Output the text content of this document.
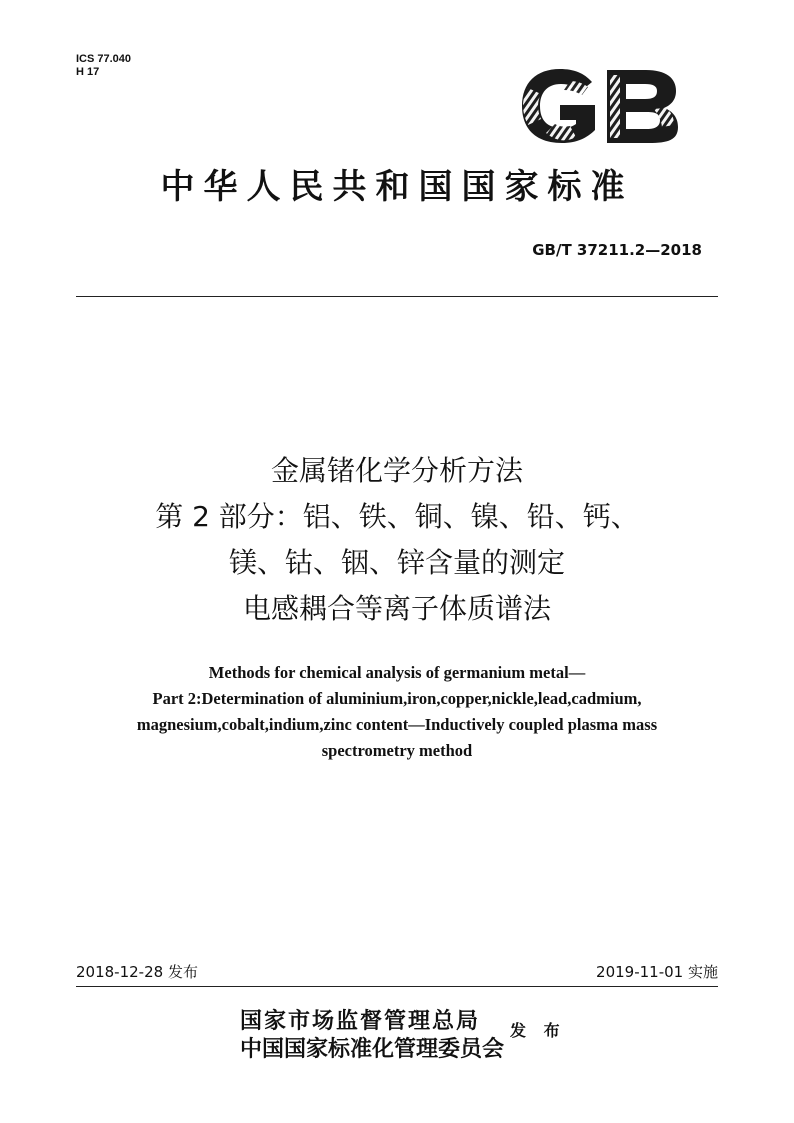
ICS 77.040
H 17
中华人民共和国国家标准
GB/T 37211.2—2018
金属锗化学分析方法
第 2 部分：铝、铁、铜、镍、铅、钙、
镁、钴、铟、锌含量的测定
电感耦合等离子体质谱法
Methods for chemical analysis of germanium metal—
Part 2:Determination of aluminium,iron,copper,nickle,lead,cadmium,
magnesium,cobalt,indium,zinc content—Inductively coupled plasma mass
spectrometry method
2018-12-28 发布	2019-11-01 实施
国家市场监督管理总局
中国国家标准化管理委员会
发 布
